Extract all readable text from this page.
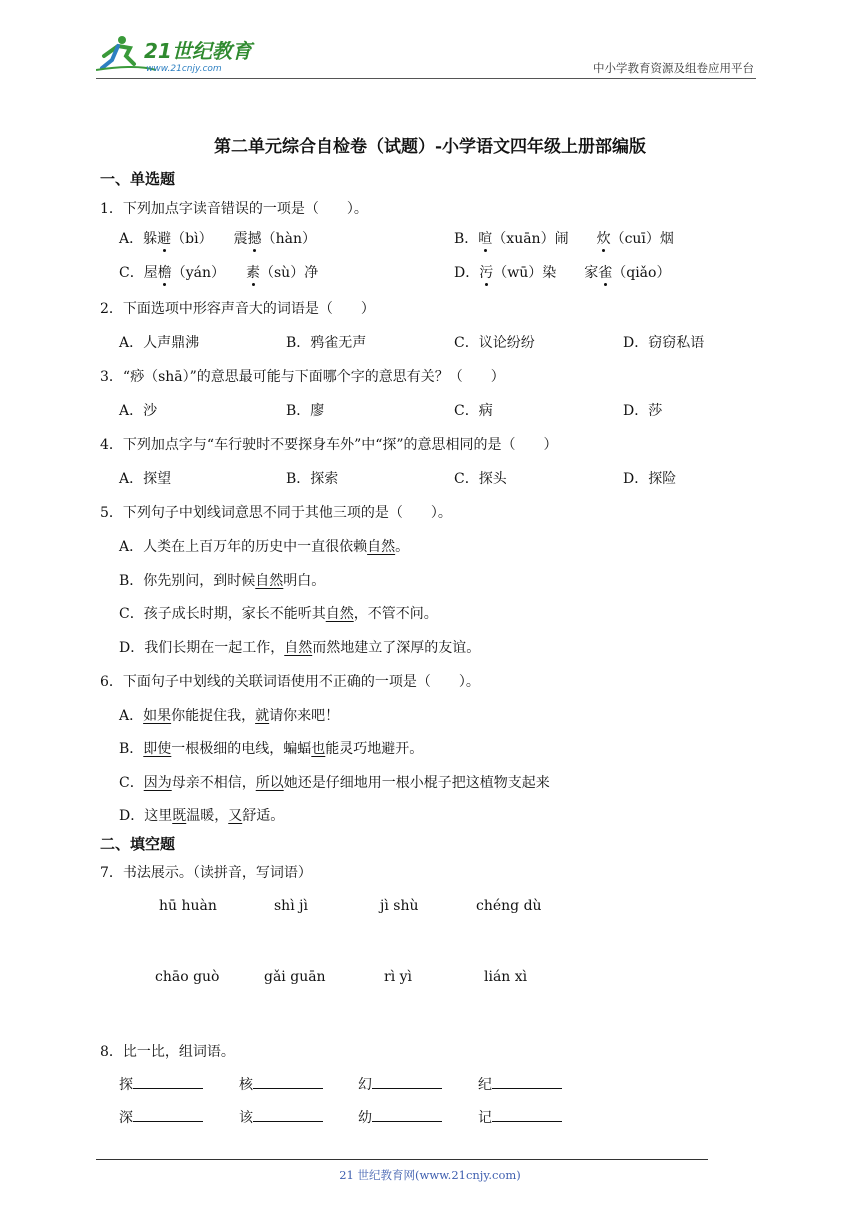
21世纪教育
www.21cnjy.com	中小学教育资源及组卷应用平台
第二单元综合自检卷（试题）-小学语文四年级上册部编版
一、单选题
1．下列加点字读音错误的一项是（　　）。
A．躲避（bì）　　震撼（hàn）	B．喧（xuān）闹　　炊（cuī）烟
C．屋檐（yán）　　素（sù）净	D．污（wū）染　　家雀（qiǎo）
2．下面选项中形容声音大的词语是（　　）
A．人声鼎沸	B．鸦雀无声	C．议论纷纷	D．窃窃私语
3．“痧（shā）”的意思最可能与下面哪个字的意思有关？（　　）
A．沙	B．廖	C．病	D．莎
4．下列加点字与“车行驶时不要探身车外”中“探”的意思相同的是（　　）
A．探望	B．探索	C．探头	D．探险
5．下列句子中划线词意思不同于其他三项的是（　　）。
A．人类在上百万年的历史中一直很依赖自然。
B．你先别问，到时候自然明白。
C．孩子成长时期，家长不能听其自然，不管不问。
D．我们长期在一起工作，自然而然地建立了深厚的友谊。
6．下面句子中划线的关联词语使用不正确的一项是（　　）。
A．如果你能捉住我，就请你来吧！
B．即使一根极细的电线，蝙蝠也能灵巧地避开。
C．因为母亲不相信，所以她还是仔细地用一根小棍子把这植物支起来
D．这里既温暖，又舒适。
二、填空题
7．书法展示。（读拼音，写词语）
hū huàn	shì jì	jì shù	chéng dù
chāo guò	gǎi guān	rì yì	lián xì
8．比一比，组词语。
探	核	幻	纪
深	该	幼	记
21 世纪教育网(www.21cnjy.com)
